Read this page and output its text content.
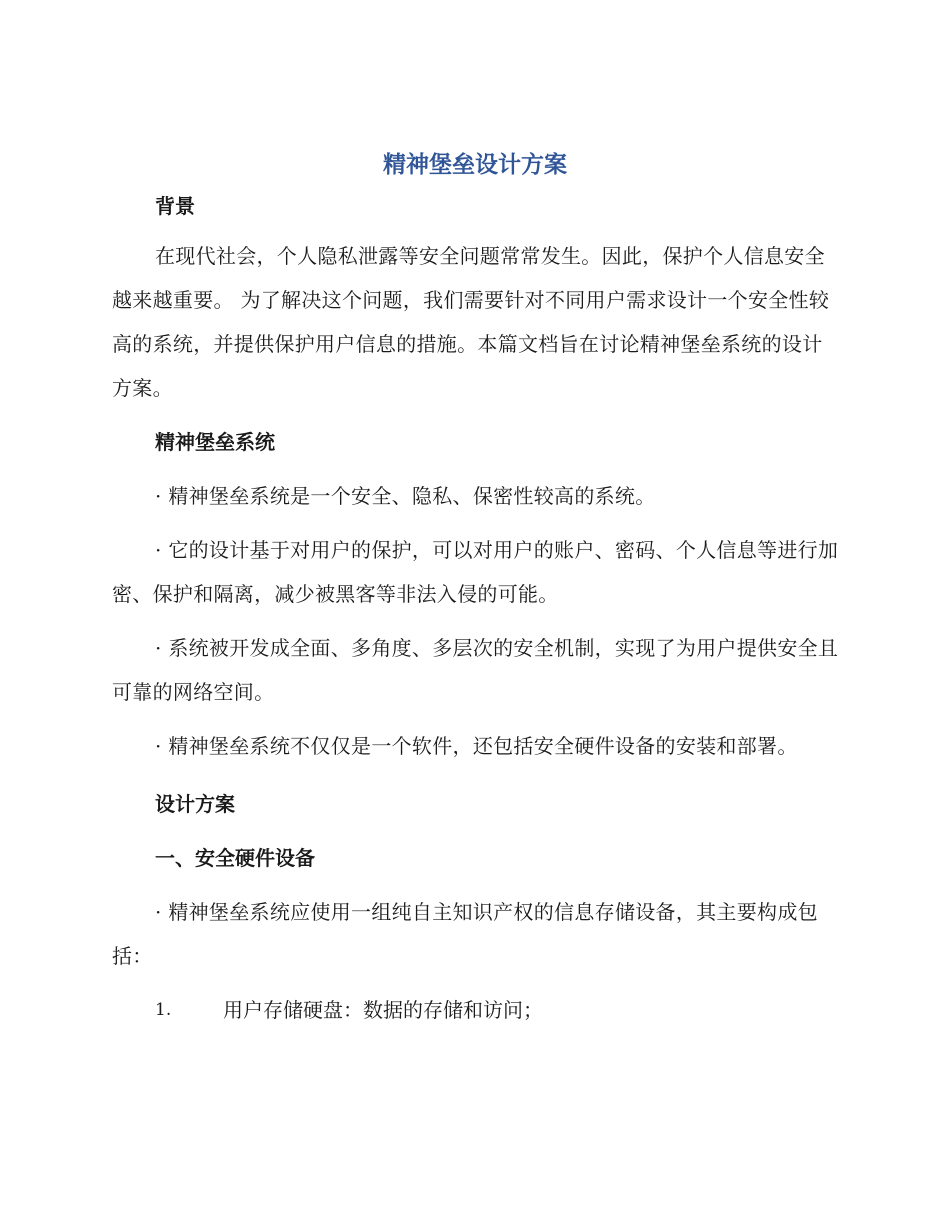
精神堡垒设计方案

背景

在现代社会，个人隐私泄露等安全问题常常发生。因此，保护个人信息安全越来越重要。 为了解决这个问题，我们需要针对不同用户需求设计一个安全性较高的系统，并提供保护用户信息的措施。本篇文档旨在讨论精神堡垒系统的设计方案。

精神堡垒系统

· 精神堡垒系统是一个安全、隐私、保密性较高的系统。

· 它的设计基于对用户的保护，可以对用户的账户、密码、个人信息等进行加密、保护和隔离，减少被黑客等非法入侵的可能。

· 系统被开发成全面、多角度、多层次的安全机制，实现了为用户提供安全且可靠的网络空间。

· 精神堡垒系统不仅仅是一个软件，还包括安全硬件设备的安装和部署。

设计方案

一、安全硬件设备

· 精神堡垒系统应使用一组纯自主知识产权的信息存储设备，其主要构成包括：

1.	用户存储硬盘：数据的存储和访问；
